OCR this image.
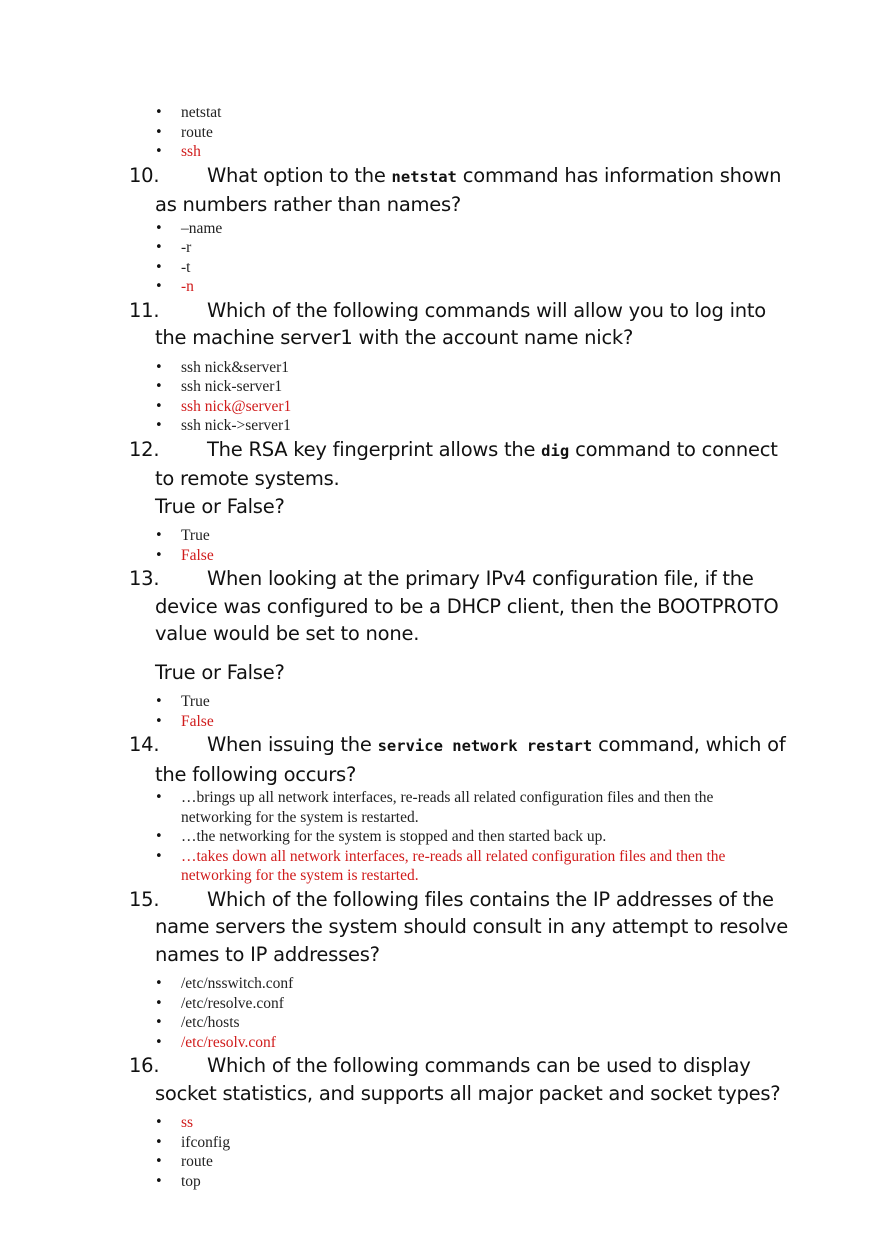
• netstat
• route
• ssh
10.	What option to the netstat command has information shown
as numbers rather than names?
• –name
• -r
• -t
• -n
11.	Which of the following commands will allow you to log into
the machine server1 with the account name nick?
• ssh nick&server1
• ssh nick-server1
• ssh nick@server1
• ssh nick->server1
12.	The RSA key fingerprint allows the dig command to connect
to remote systems.
True or False?
• True
• False
13.	When looking at the primary IPv4 configuration file, if the
device was configured to be a DHCP client, then the BOOTPROTO
value would be set to none.
True or False?
• True
• False
14.	When issuing the service network restart command, which of
the following occurs?
• …brings up all network interfaces, re-reads all related configuration files and then the networking for the system is restarted.
• …the networking for the system is stopped and then started back up.
• …takes down all network interfaces, re-reads all related configuration files and then the networking for the system is restarted.
15.	Which of the following files contains the IP addresses of the
name servers the system should consult in any attempt to resolve
names to IP addresses?
• /etc/nsswitch.conf
• /etc/resolve.conf
• /etc/hosts
• /etc/resolv.conf
16.	Which of the following commands can be used to display
socket statistics, and supports all major packet and socket types?
• ss
• ifconfig
• route
• top
